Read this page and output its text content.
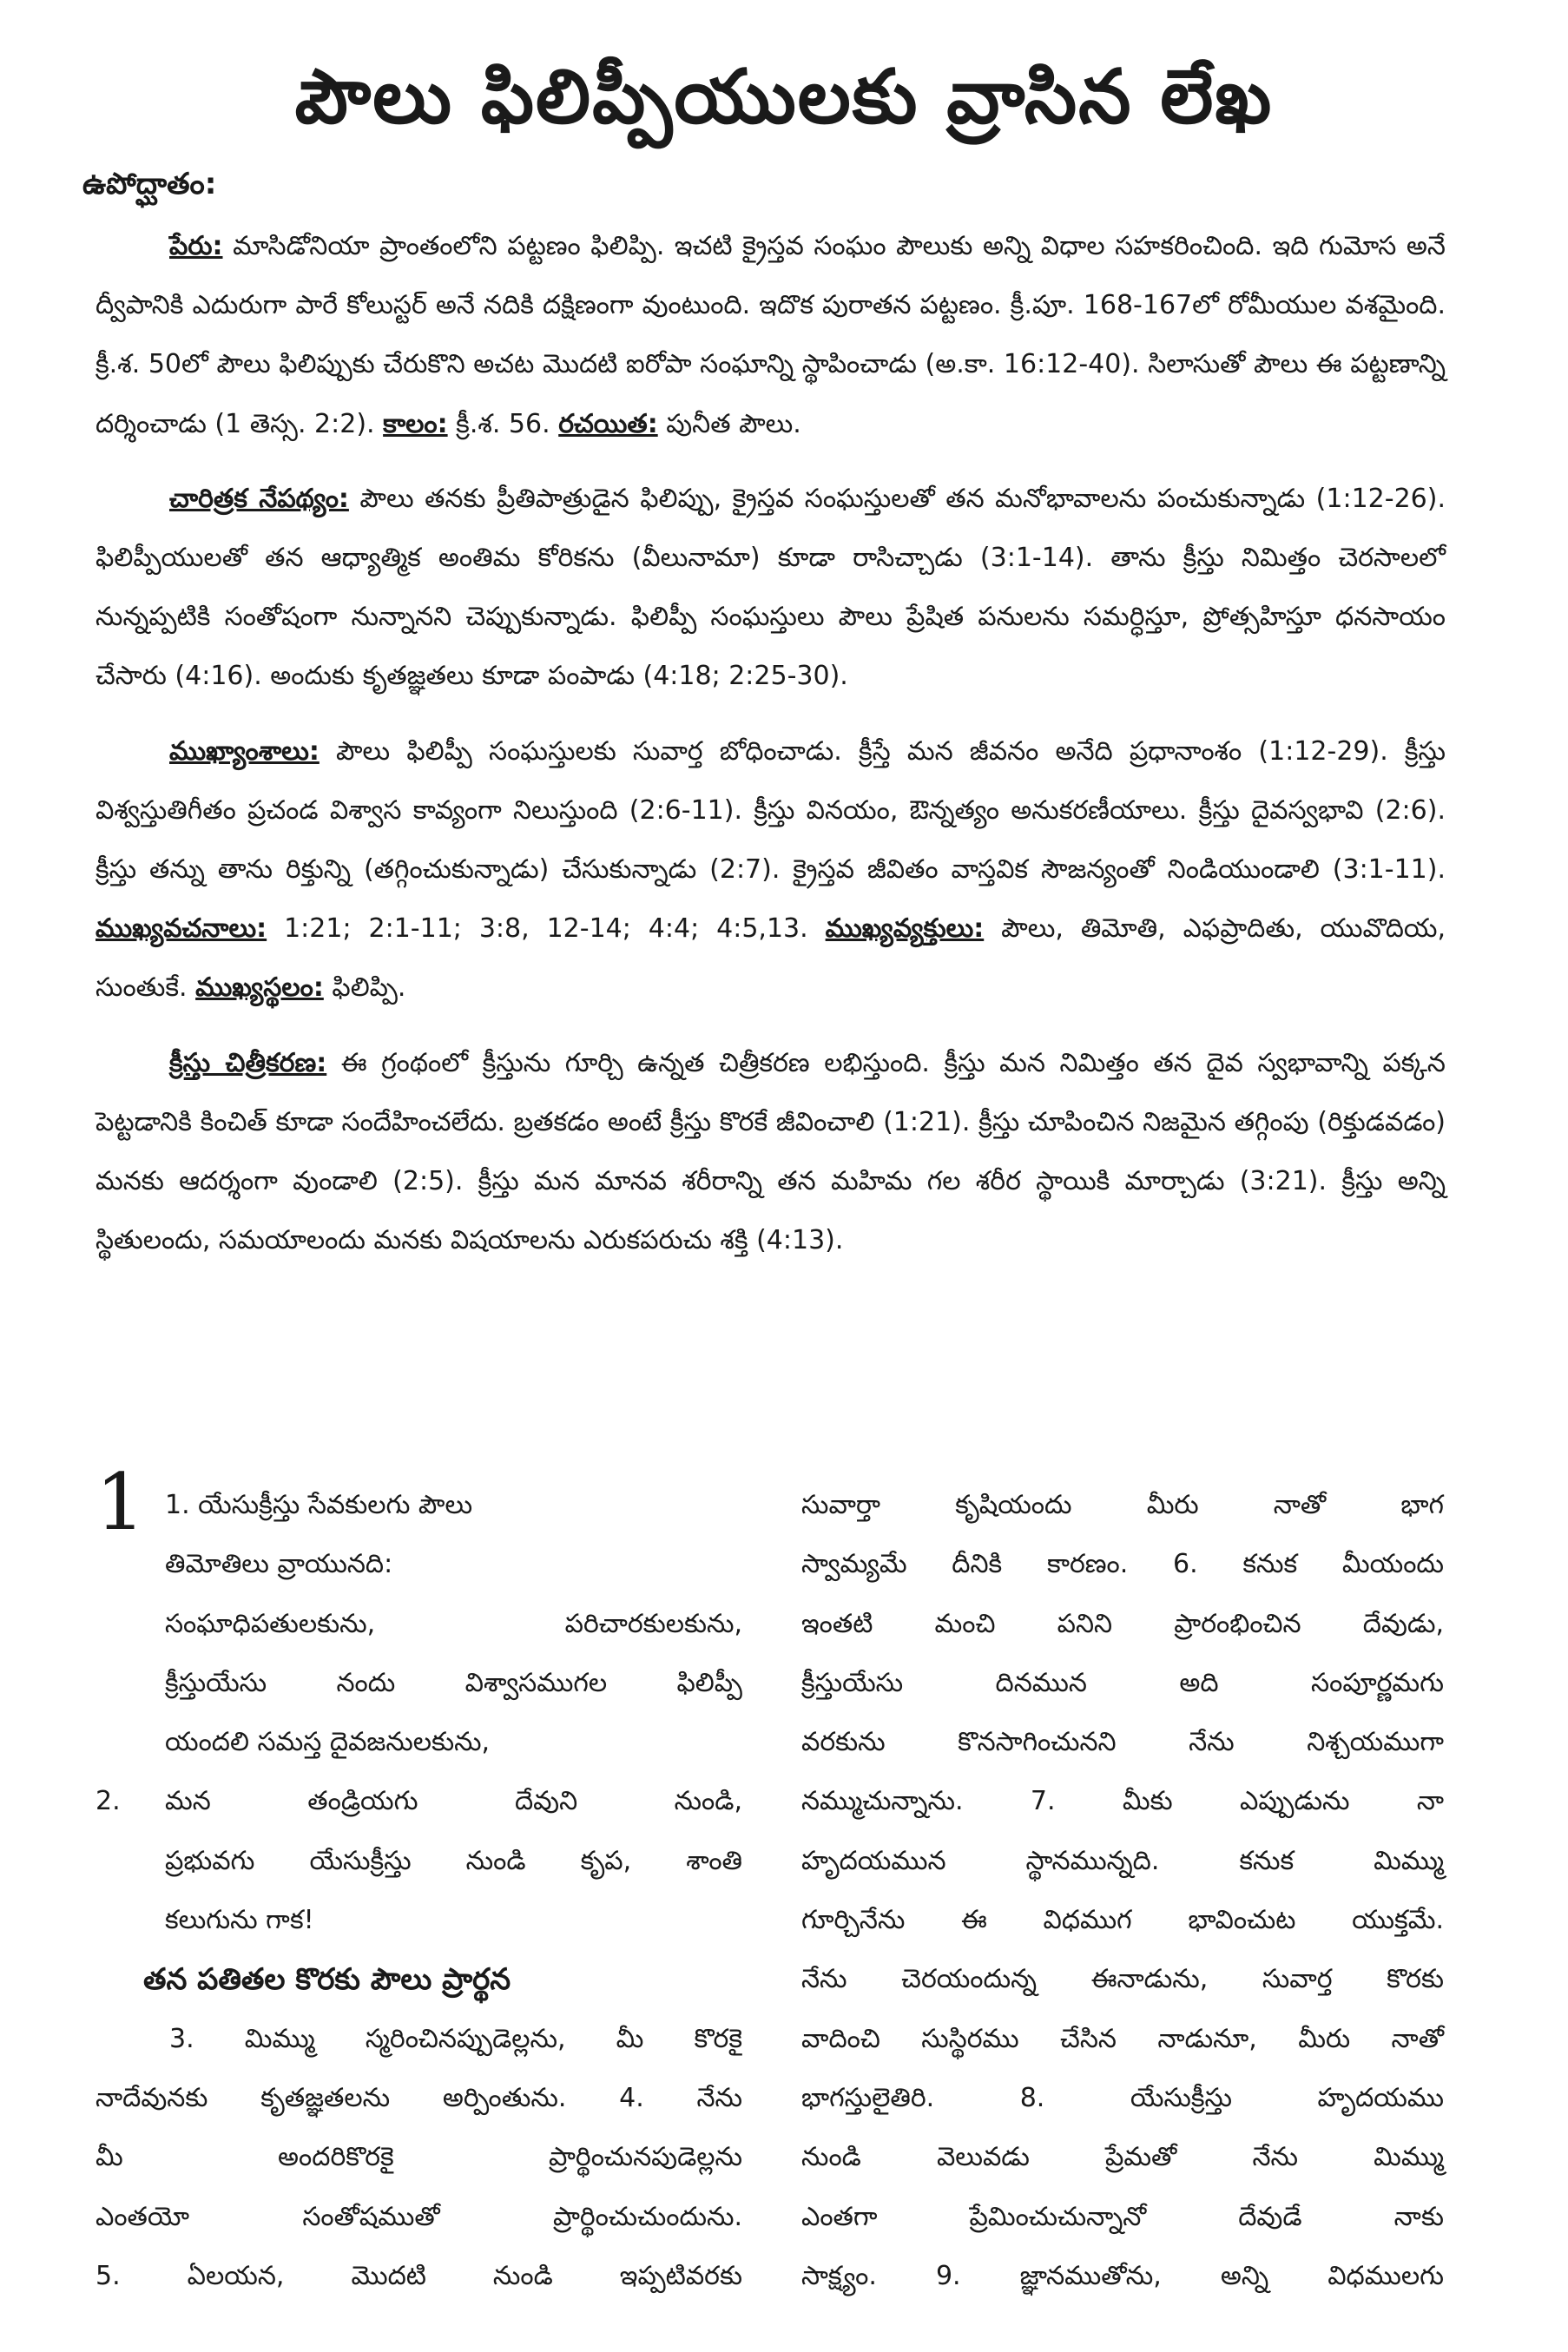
పౌలు ఫిలిప్పీయులకు వ్రాసిన లేఖ
ఉపోద్ఘాతం:

పేరు: మాసిడోనియా ప్రాంతంలోని పట్టణం ఫిలిప్పి. ఇచటి క్రైస్తవ సంఘం పౌలుకు అన్ని విధాల సహకరించింది. ఇది గుమోస అనే ద్వీపానికి ఎదురుగా పారే కోలుస్టర్ అనే నదికి దక్షిణంగా వుంటుంది. ఇదొక పురాతన పట్టణం. క్రీ.పూ. 168-167లో రోమీయుల వశమైంది. క్రీ.శ. 50లో పౌలు ఫిలిప్పుకు చేరుకొని అచట మొదటి ఐరోపా సంఘాన్ని స్థాపించాడు (అ.కా. 16:12-40). సిలాసుతో పౌలు ఈ పట్టణాన్ని దర్శించాడు (1 తెస్స. 2:2). కాలం: క్రీ.శ. 56. రచయిత: పునీత పౌలు.

చారిత్రక నేపథ్యం: పౌలు తనకు ప్రీతిపాత్రుడైన ఫిలిప్పు, క్రైస్తవ సంఘస్తులతో తన మనోభావాలను పంచుకున్నాడు (1:12-26). ఫిలిప్పీయులతో తన ఆధ్యాత్మిక అంతిమ కోరికను (వీలునామా) కూడా రాసిచ్చాడు (3:1-14). తాను క్రీస్తు నిమిత్తం చెరసాలలో నున్నప్పటికి సంతోషంగా నున్నానని చెప్పుకున్నాడు. ఫిలిప్పీ సంఘస్తులు పౌలు ప్రేషిత పనులను సమర్ధిస్తూ, ప్రోత్సహిస్తూ ధనసాయం చేసారు (4:16). అందుకు కృతజ్ఞతలు కూడా పంపాడు (4:18; 2:25-30).

ముఖ్యాంశాలు: పౌలు ఫిలిప్పీ సంఘస్తులకు సువార్త బోధించాడు. క్రీస్తే మన జీవనం అనేది ప్రధానాంశం (1:12-29). క్రీస్తు విశ్వస్తుతిగీతం ప్రచండ విశ్వాస కావ్యంగా నిలుస్తుంది (2:6-11). క్రీస్తు వినయం, ఔన్నత్యం అనుకరణీయాలు. క్రీస్తు దైవస్వభావి (2:6). క్రీస్తు తన్ను తాను రిక్తున్ని (తగ్గించుకున్నాడు) చేసుకున్నాడు (2:7). క్రైస్తవ జీవితం వాస్తవిక సౌజన్యంతో నిండియుండాలి (3:1-11). ముఖ్యవచనాలు: 1:21; 2:1-11; 3:8, 12-14; 4:4; 4:5,13. ముఖ్యవ్యక్తులు: పౌలు, తిమోతి, ఎఫప్రాదితు, యువొదియ, సుంతుకే. ముఖ్యస్థలం: ఫిలిప్పి.

క్రీస్తు చిత్రీకరణ: ఈ గ్రంథంలో క్రీస్తును గూర్చి ఉన్నత చిత్రీకరణ లభిస్తుంది. క్రీస్తు మన నిమిత్తం తన దైవ స్వభావాన్ని పక్కన పెట్టడానికి కించిత్ కూడా సందేహించలేదు. బ్రతకడం అంటే క్రీస్తు కొరకే జీవించాలి (1:21). క్రీస్తు చూపించిన నిజమైన తగ్గింపు (రిక్తుడవడం) మనకు ఆదర్శంగా వుండాలి (2:5). క్రీస్తు మన మానవ శరీరాన్ని తన మహిమ గల శరీర స్థాయికి మార్చాడు (3:21). క్రీస్తు అన్ని స్థితులందు, సమయాలందు మనకు విషయాలను ఎరుకపరుచు శక్తి (4:13).

1 1. యేసుక్రీస్తు సేవకులగు పౌలు
తిమోతిలు వ్రాయునది:
సంఘాధిపతులకును, పరిచారకులకును,
క్రీస్తుయేసు నందు విశ్వాసముగల ఫిలిప్పీ
యందలి సమస్త దైవజనులకును,
2. మన తండ్రియగు దేవుని నుండి,
ప్రభువగు యేసుక్రీస్తు నుండి కృప, శాంతి
కలుగును గాక!
తన పతితల కొరకు పౌలు ప్రార్థన
3. మిమ్ము స్మరించినప్పుడెల్లను, మీ కొరకై
నాదేవునకు కృతజ్ఞతలను అర్పింతును. 4. నేను
మీ అందరికొరకై ప్రార్థించునపుడెల్లను
ఎంతయో సంతోషముతో ప్రార్థించుచుందును.
5. ఏలయన, మొదటి నుండి ఇప్పటివరకు
సువార్తా కృషియందు మీరు నాతో భాగ
స్వామ్యమే దీనికి కారణం. 6. కనుక మీయందు
ఇంతటి మంచి పనిని ప్రారంభించిన దేవుడు,
క్రీస్తుయేసు దినమున అది సంపూర్ణమగు
వరకును కొనసాగించునని నేను నిశ్చయముగా
నమ్ముచున్నాను. 7. మీకు ఎప్పుడును నా
హృదయమున స్థానమున్నది. కనుక మిమ్ము
గూర్చినేను ఈ విధముగ భావించుట యుక్తమే.
నేను చెరయందున్న ఈనాడును, సువార్త కొరకు
వాదించి సుస్థిరము చేసిన నాడునూ, మీరు నాతో
భాగస్తులైతిరి. 8. యేసుక్రీస్తు హృదయము
నుండి వెలువడు ప్రేమతో నేను మిమ్ము
ఎంతగా ప్రేమించుచున్నానో దేవుడే నాకు
సాక్ష్యం. 9. జ్ఞానముతోను, అన్ని విధములగు
